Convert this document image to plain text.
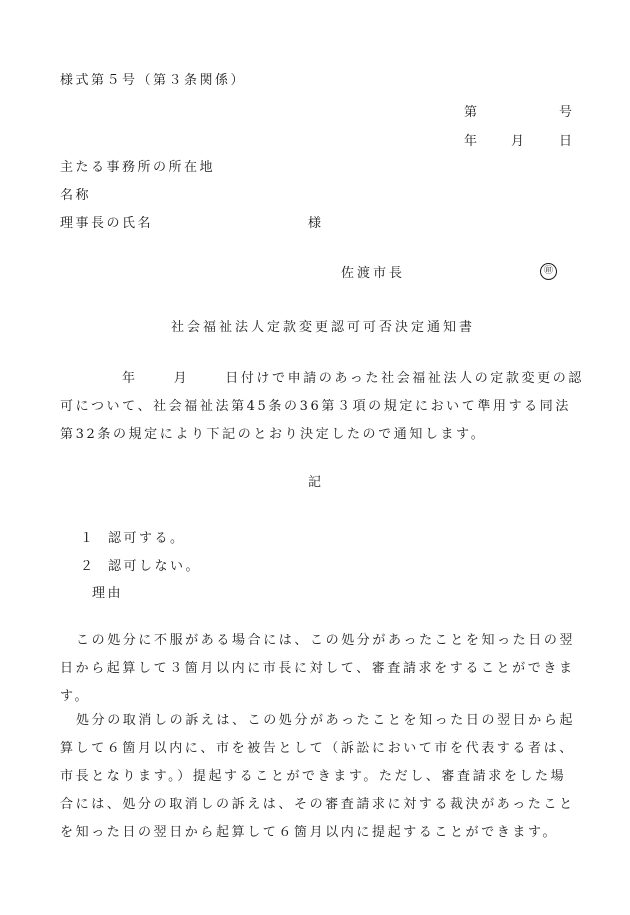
様式第５号（第３条関係）
第	号
年 月 日
主たる事務所の所在地
名称
理事長の氏名	様
佐渡市長	㊞
社会福祉法人定款変更認可可否決定通知書

年	月	日付けで申請のあった社会福祉法人の定款変更の認
可について、社会福祉法第45条の36第３項の規定において準用する同法第32条の規定により下記のとおり決定したので通知します。

記
１ 認可する。
２ 認可しない。
理由

この処分に不服がある場合には、この処分があったことを知った日の翌日から起算して３箇月以内に市長に対して、審査請求をすることができます。

処分の取消しの訴えは、この処分があったことを知った日の翌日から起算して６箇月以内に、市を被告として（訴訟において市を代表する者は、市長となります。）提起することができます。ただし、審査請求をした場合には、処分の取消しの訴えは、その審査請求に対する裁決があったことを知った日の翌日から起算して６箇月以内に提起することができます。
